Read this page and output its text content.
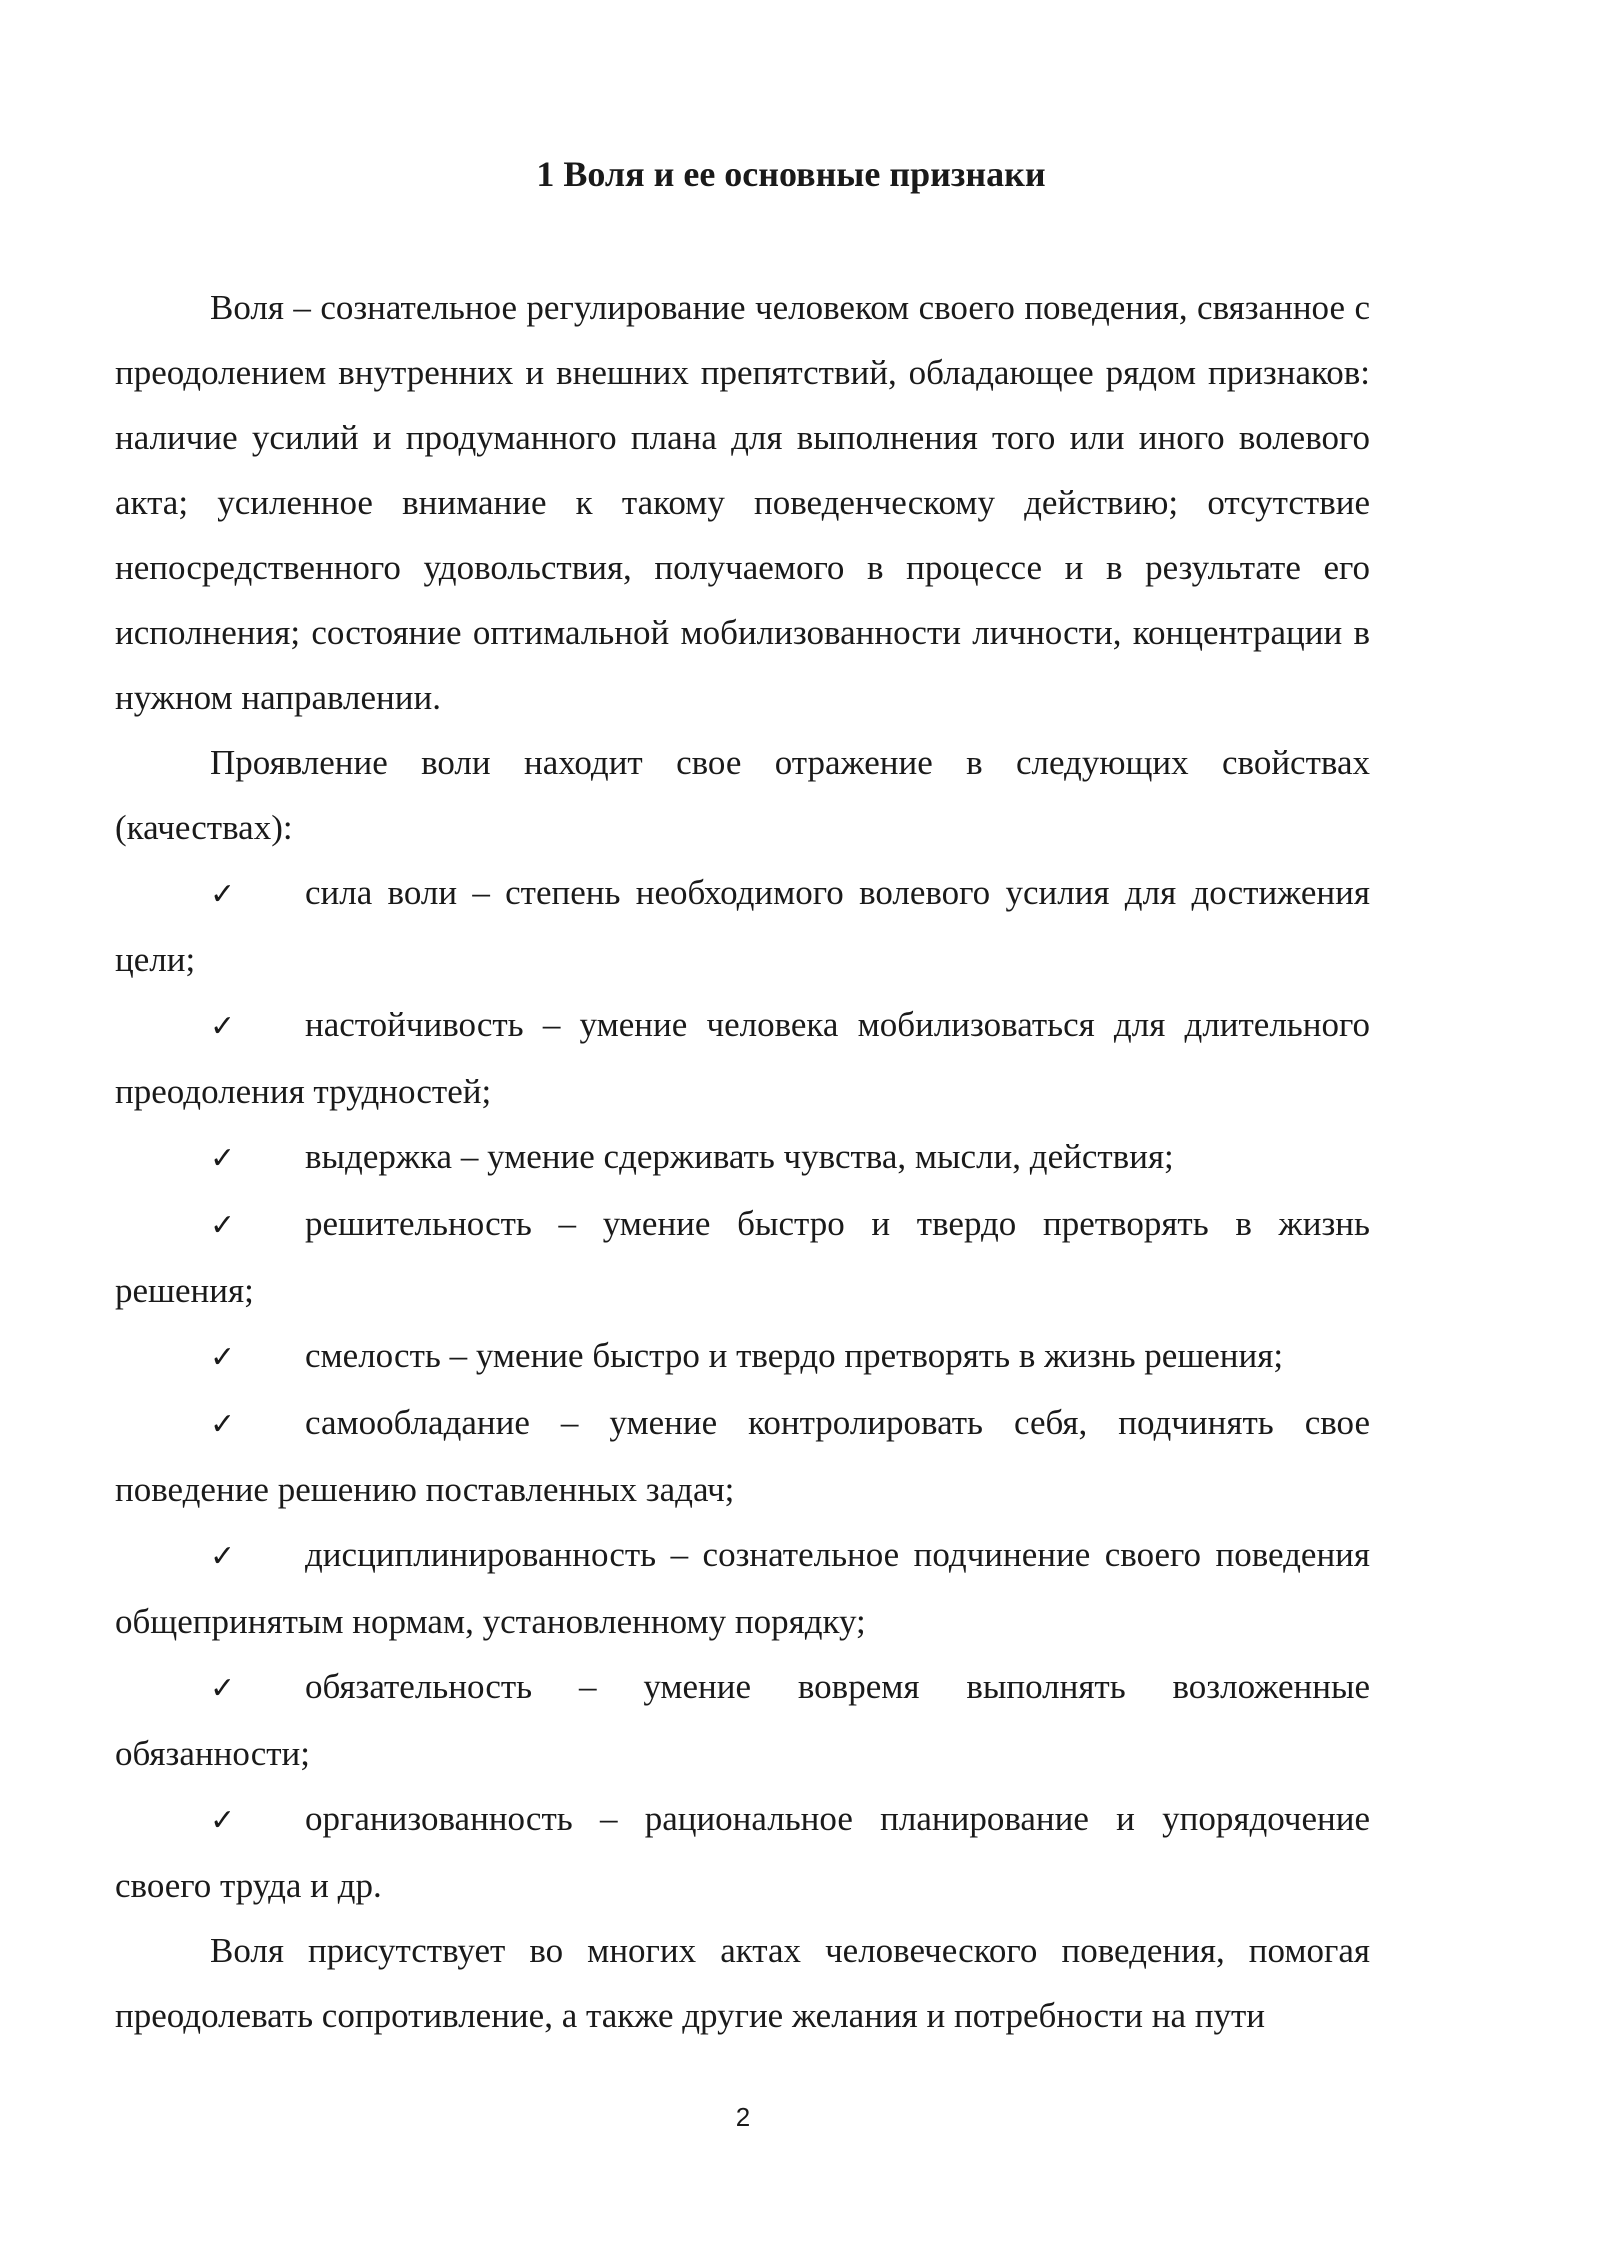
1 Воля и ее основные признаки

Воля – сознательное регулирование человеком своего поведения, связанное с преодолением внутренних и внешних препятствий, обладающее рядом признаков: наличие усилий и продуманного плана для выполнения того или иного волевого акта; усиленное внимание к такому поведенческому действию; отсутствие непосредственного удовольствия, получаемого в процессе и в результате его исполнения; состояние оптимальной мобилизованности личности, концентрации в нужном направлении.

Проявление воли находит свое отражение в следующих свойствах (качествах):

✓ сила воли – степень необходимого волевого усилия для достижения цели;

✓ настойчивость – умение человека мобилизоваться для длительного преодоления трудностей;

✓ выдержка – умение сдерживать чувства, мысли, действия;

✓ решительность – умение быстро и твердо претворять в жизнь решения;

✓ смелость – умение быстро и твердо претворять в жизнь решения;

✓ самообладание – умение контролировать себя, подчинять свое поведение решению поставленных задач;

✓ дисциплинированность – сознательное подчинение своего поведения общепринятым нормам, установленному порядку;

✓ обязательность – умение вовремя выполнять возложенные обязанности;

✓ организованность – рациональное планирование и упорядочение своего труда и др.

Воля присутствует во многих актах человеческого поведения, помогая преодолевать сопротивление, а также другие желания и потребности на пути

2
